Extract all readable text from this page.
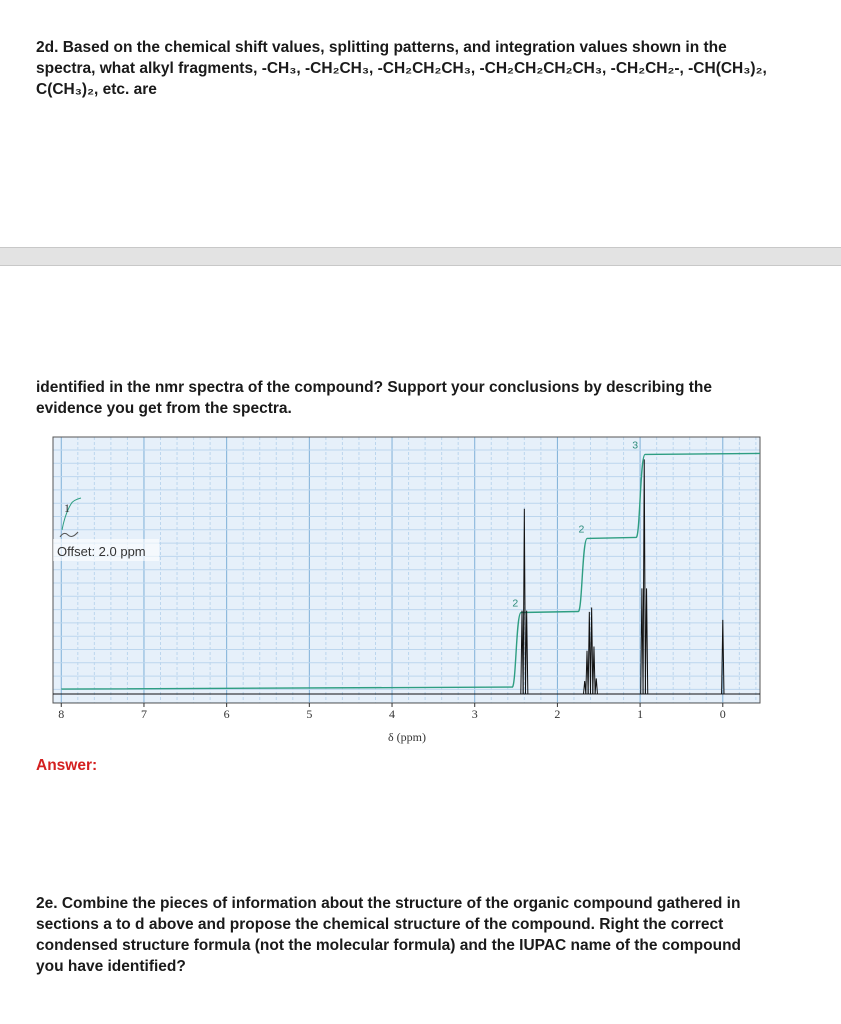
2d. Based on the chemical shift values, splitting patterns, and integration values shown in the spectra, what alkyl fragments, -CH₃, -CH₂CH₃, -CH₂CH₂CH₃, -CH₂CH₂CH₂CH₃, -CH₂CH₂-, -CH(CH₃)₂, C(CH₃)₂, etc. are
identified in the nmr spectra of the compound? Support your conclusions by describing the evidence you get from the spectra.
1
Offset: 2.0 ppm
2
2
3
8	7	6	5	4	3	2	1	0
δ (ppm)
Answer:
2e. Combine the pieces of information about the structure of the organic compound gathered in sections a to d above and propose the chemical structure of the compound. Right the correct condensed structure formula (not the molecular formula) and the IUPAC name of the compound you have identified?
